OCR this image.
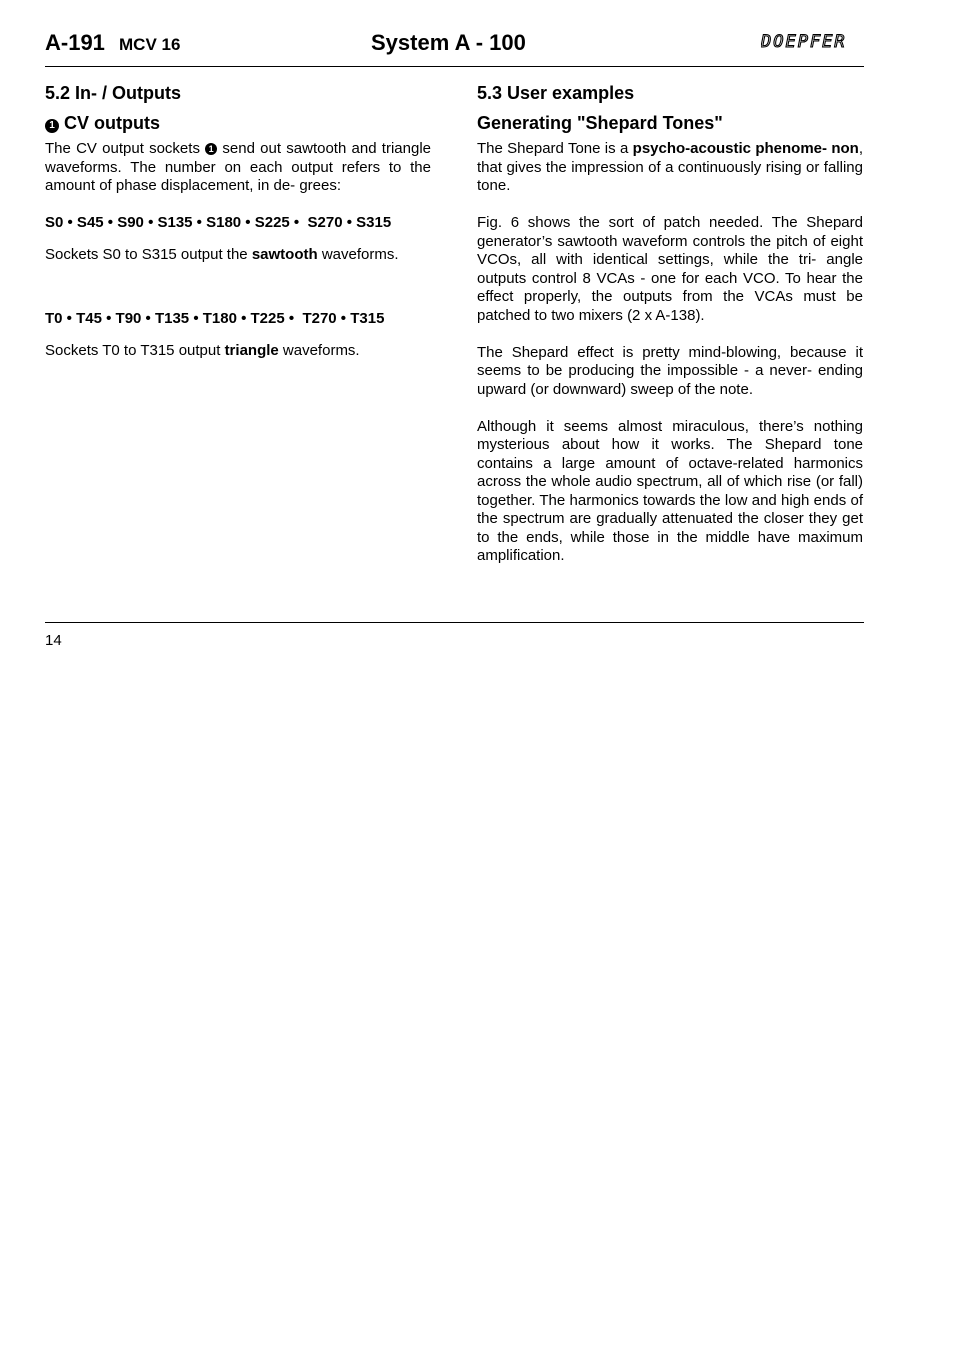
A-191 MCV 16	System A - 100	DOEPFER
5.2 In- / Outputs
1 CV outputs

The CV output sockets 1 send out sawtooth and triangle waveforms. The number on each output refers to the amount of phase displacement, in de- grees:

S0 • S45 • S90 • S135 • S180 • S225 •  S270 • S315

Sockets S0 to S315 output the sawtooth waveforms.

T0 • T45 • T90 • T135 • T180 • T225 •  T270 • T315

Sockets T0 to T315 output triangle waveforms.

5.3 User examples
Generating "Shepard Tones"

The Shepard Tone is a psycho-acoustic phenome- non, that gives the impression of a continuously rising or falling tone.

Fig. 6 shows the sort of patch needed. The Shepard generator’s sawtooth waveform controls the pitch of eight VCOs, all with identical settings, while the tri- angle outputs control 8 VCAs - one for each VCO. To hear the effect properly, the outputs from the VCAs must be patched to two mixers (2 x A-138).

The Shepard effect is pretty mind-blowing, because it seems to be producing the impossible - a never- ending upward (or downward) sweep of the note.

Although it seems almost miraculous, there’s nothing mysterious about how it works. The Shepard tone contains a large amount of octave-related harmonics across the whole audio spectrum, all of which rise (or fall) together. The harmonics towards the low and high ends of the spectrum are gradually attenuated the closer they get to the ends, while those in the middle have maximum amplification.

14
